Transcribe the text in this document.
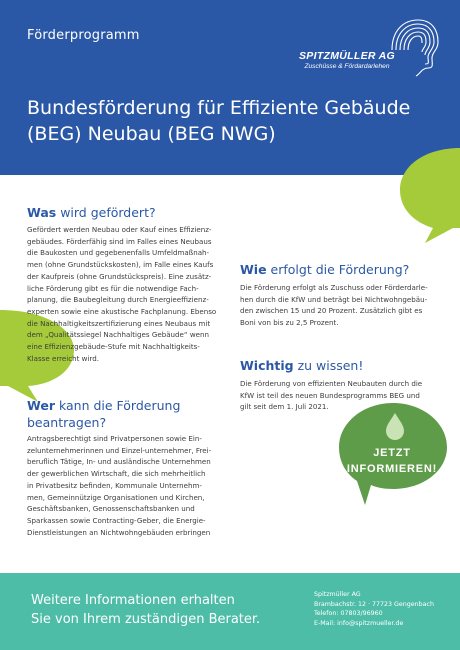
Förderprogramm
SPITZMÜLLER AG
Zuschüsse & Fördardarlehen
Bundesförderung für Effiziente Gebäude
(BEG) Neubau (BEG NWG)
Was wird gefördert?
Gefördert werden Neubau oder Kauf eines Effizienz-
gebäudes. Förderfähig sind im Falles eines Neubaus
die Baukosten und gegebenenfalls Umfeldmaßnah-
men (ohne Grundstückskosten), im Falle eines Kaufs
der Kaufpreis (ohne Grundstückspreis). Eine zusätz-
liche Förderung gibt es für die notwendige Fach-
planung, die Baubegleitung durch Energieeffizienz-
experten sowie eine akustische Fachplanung. Ebenso
die Nachhaltigkeitszertifizierung eines Neubaus mit
dem „Qualitätssiegel Nachhaltiges Gebäude“ wenn
eine Effizienzgebäude-Stufe mit Nachhaltigkeits-
Klasse erreicht wird.
Wer kann die Förderung
beantragen?
Antragsberechtigt sind Privatpersonen sowie Ein-
zelunternehmerinnen und Einzel-unternehmer, Frei-
beruflich Tätige, In- und ausländische Unternehmen
der gewerblichen Wirtschaft, die sich mehrheitlich
in Privatbesitz befinden, Kommunale Unternehm-
men, Gemeinnützige Organisationen und Kirchen,
Geschäftsbanken, Genossenschaftsbanken und
Sparkassen sowie Contracting-Geber, die Energie-
Dienstleistungen an Nichtwohngebäuden erbringen
Wie erfolgt die Förderung?
Die Förderung erfolgt als Zuschuss oder Förderdarle-
hen durch die KfW und beträgt bei Nichtwohngebäu-
den zwischen 15 und 20 Prozent. Zusätzlich gibt es
Boni von bis zu 2,5 Prozent.
Wichtig zu wissen!
Die Förderung von effizienten Neubauten durch die
KfW ist teil des neuen Bundesprogramms BEG und
gilt seit dem 1. Juli 2021.
JETZT
INFORMIEREN!
Weitere Informationen erhalten
Sie von Ihrem zuständigen Berater.
Spitzmüller AG
Brambachstr. 12 · 77723 Gengenbach
Telefon: 07803/96960
E-Mail: info@spitzmueller.de
